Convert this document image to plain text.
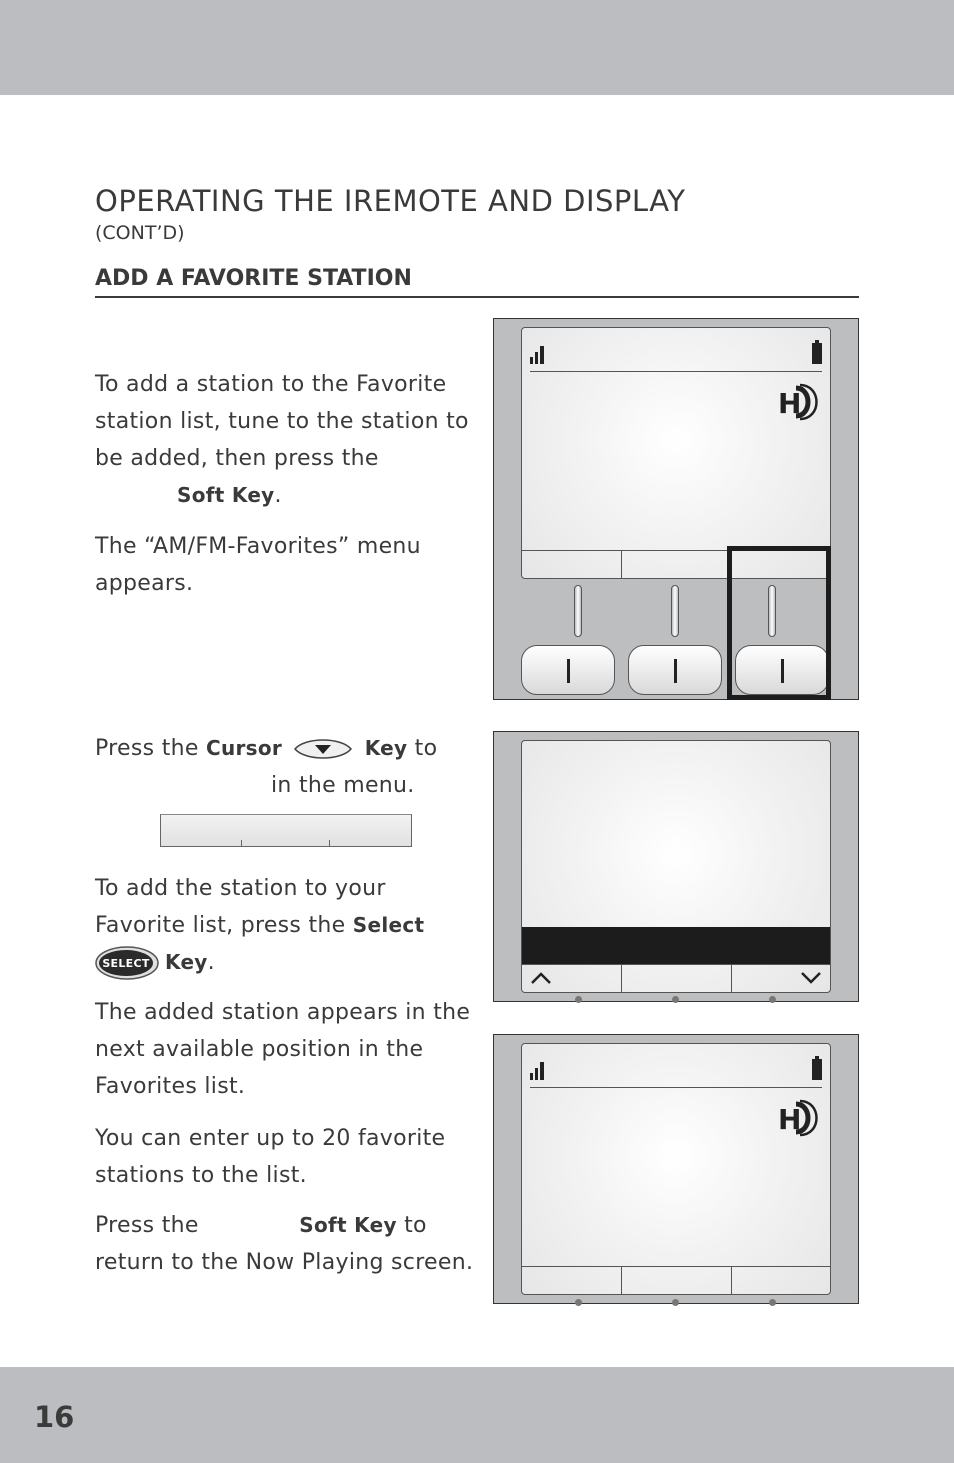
OPERATING THE IREMOTE AND DISPLAY
(CONT’D)
ADD A FAVORITE STATION

To add a station to the Favorite station list, tune to the station to be added, then press the
Soft Key.

The “AM/FM-Favorites” menu appears.

Press the Cursor	Key to
in the menu.

To add the station to your Favorite list, press the Select

SELECT Key.

The added station appears in the next available position in the Favorites list.

You can enter up to 20 favorite stations to the list.

Press the	Soft Key to return to the Now Playing screen.

H
H
16
